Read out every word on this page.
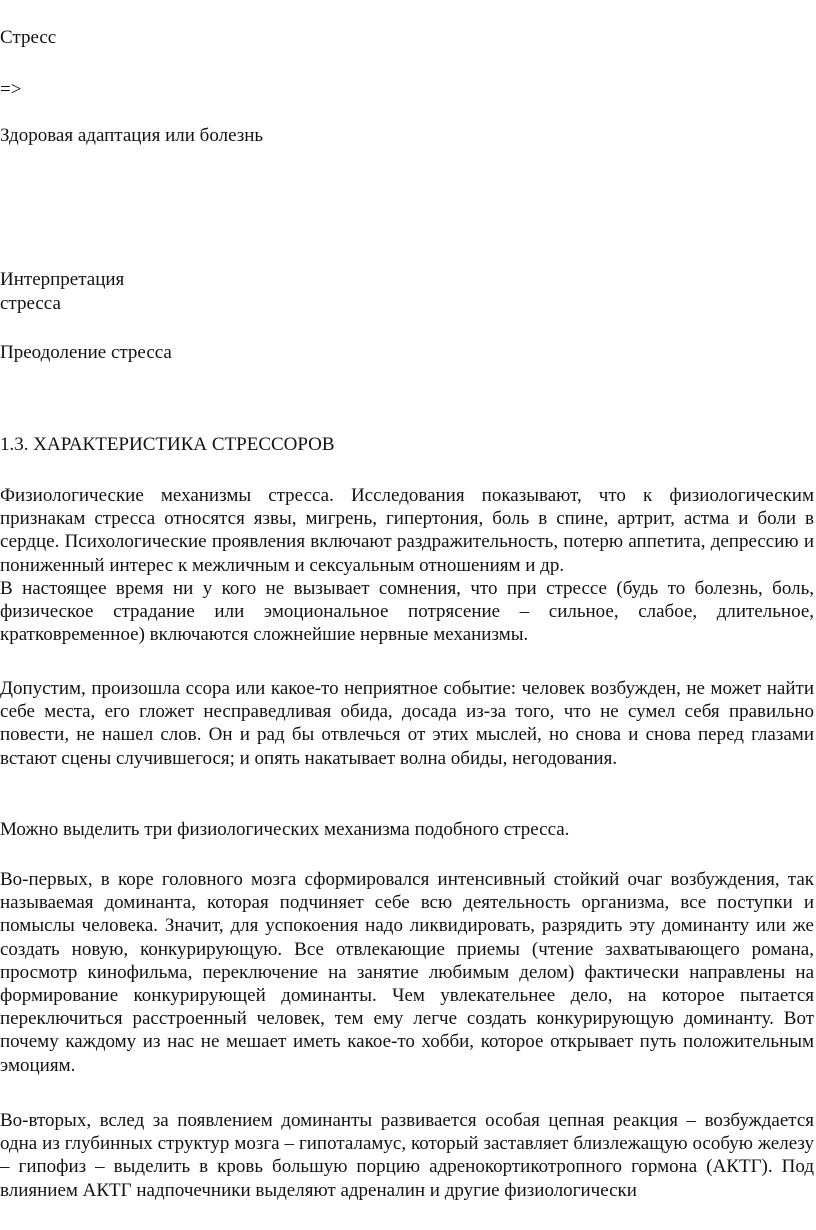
Стресс
=>
Здоровая адаптация или болезнь
Интерпретация
стресса
Преодоление стресса
1.3. ХАРАКТЕРИСТИКА СТРЕССОРОВ

Физиологические механизмы стресса. Исследования показывают, что к физиологическим признакам стресса относятся язвы, мигрень, гипертония, боль в спине, артрит, астма и боли в сердце. Психологические проявления включают раздражительность, потерю аппетита, депрессию и пониженный интерес к межличным и сексуальным отношениям и др.

В настоящее время ни у кого не вызывает сомнения, что при стрессе (будь то болезнь, боль, физическое страдание или эмоциональное потрясение – сильное, слабое, длительное, кратковременное) включаются сложнейшие нервные механизмы.

Допустим, произошла ссора или какое-то неприятное событие: человек возбужден, не может найти себе места, его гложет несправедливая обида, досада из-за того, что не сумел себя правильно повести, не нашел слов. Он и рад бы отвлечься от этих мыслей, но снова и снова перед глазами встают сцены случившегося; и опять накатывает волна обиды, негодования.

Можно выделить три физиологических механизма подобного стресса.

Во-первых, в коре головного мозга сформировался интенсивный стойкий очаг возбуждения, так называемая доминанта, которая подчиняет себе всю деятельность организма, все поступки и помыслы человека. Значит, для успокоения надо ликвидировать, разрядить эту доминанту или же создать новую, конкурирующую. Все отвлекающие приемы (чтение захватывающего романа, просмотр кинофильма, переключение на занятие любимым делом) фактически направлены на формирование конкурирующей доминанты. Чем увлекательнее дело, на которое пытается переключиться расстроенный человек, тем ему легче создать конкурирующую доминанту. Вот почему каждому из нас не мешает иметь какое-то хобби, которое открывает путь положительным эмоциям.

Во-вторых, вслед за появлением доминанты развивается особая цепная реакция – возбуждается одна из глубинных структур мозга – гипоталамус, который заставляет близлежащую особую железу – гипофиз – выделить в кровь большую порцию адренокортикотропного гормона (АКТГ). Под влиянием АКТГ надпочечники выделяют адреналин и другие физиологически
